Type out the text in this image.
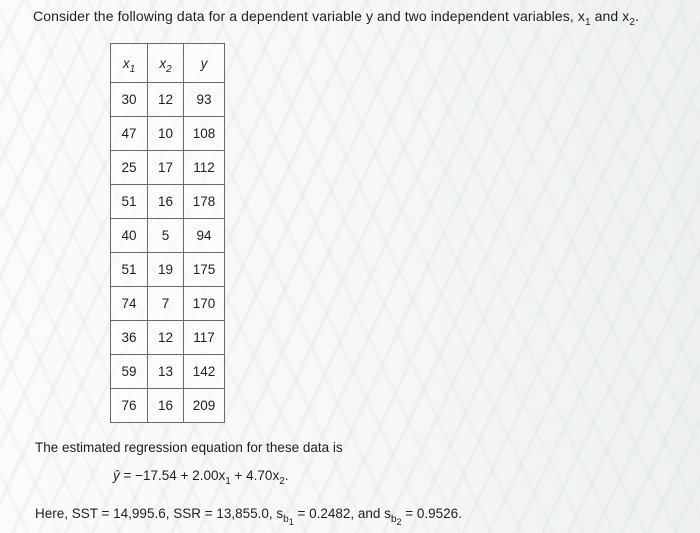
Consider the following data for a dependent variable y and two independent variables, $x_1$ and $x_2$.
$x_1$	$x_2$	y
30	12	93
47	10	108
25	17	112
51	16	178
40	5	94
51	19	175
74	7	170
36	12	117
59	13	142
76	16	209
The estimated regression equation for these data is
ŷ = $-17.54 + 2.00x_1 + 4.70x_2$.
Here, SST = 14,995.6, SSR = 13,855.0, $s_{b_1} = 0.2482$, and $s_{b_2} = 0.9526$.
